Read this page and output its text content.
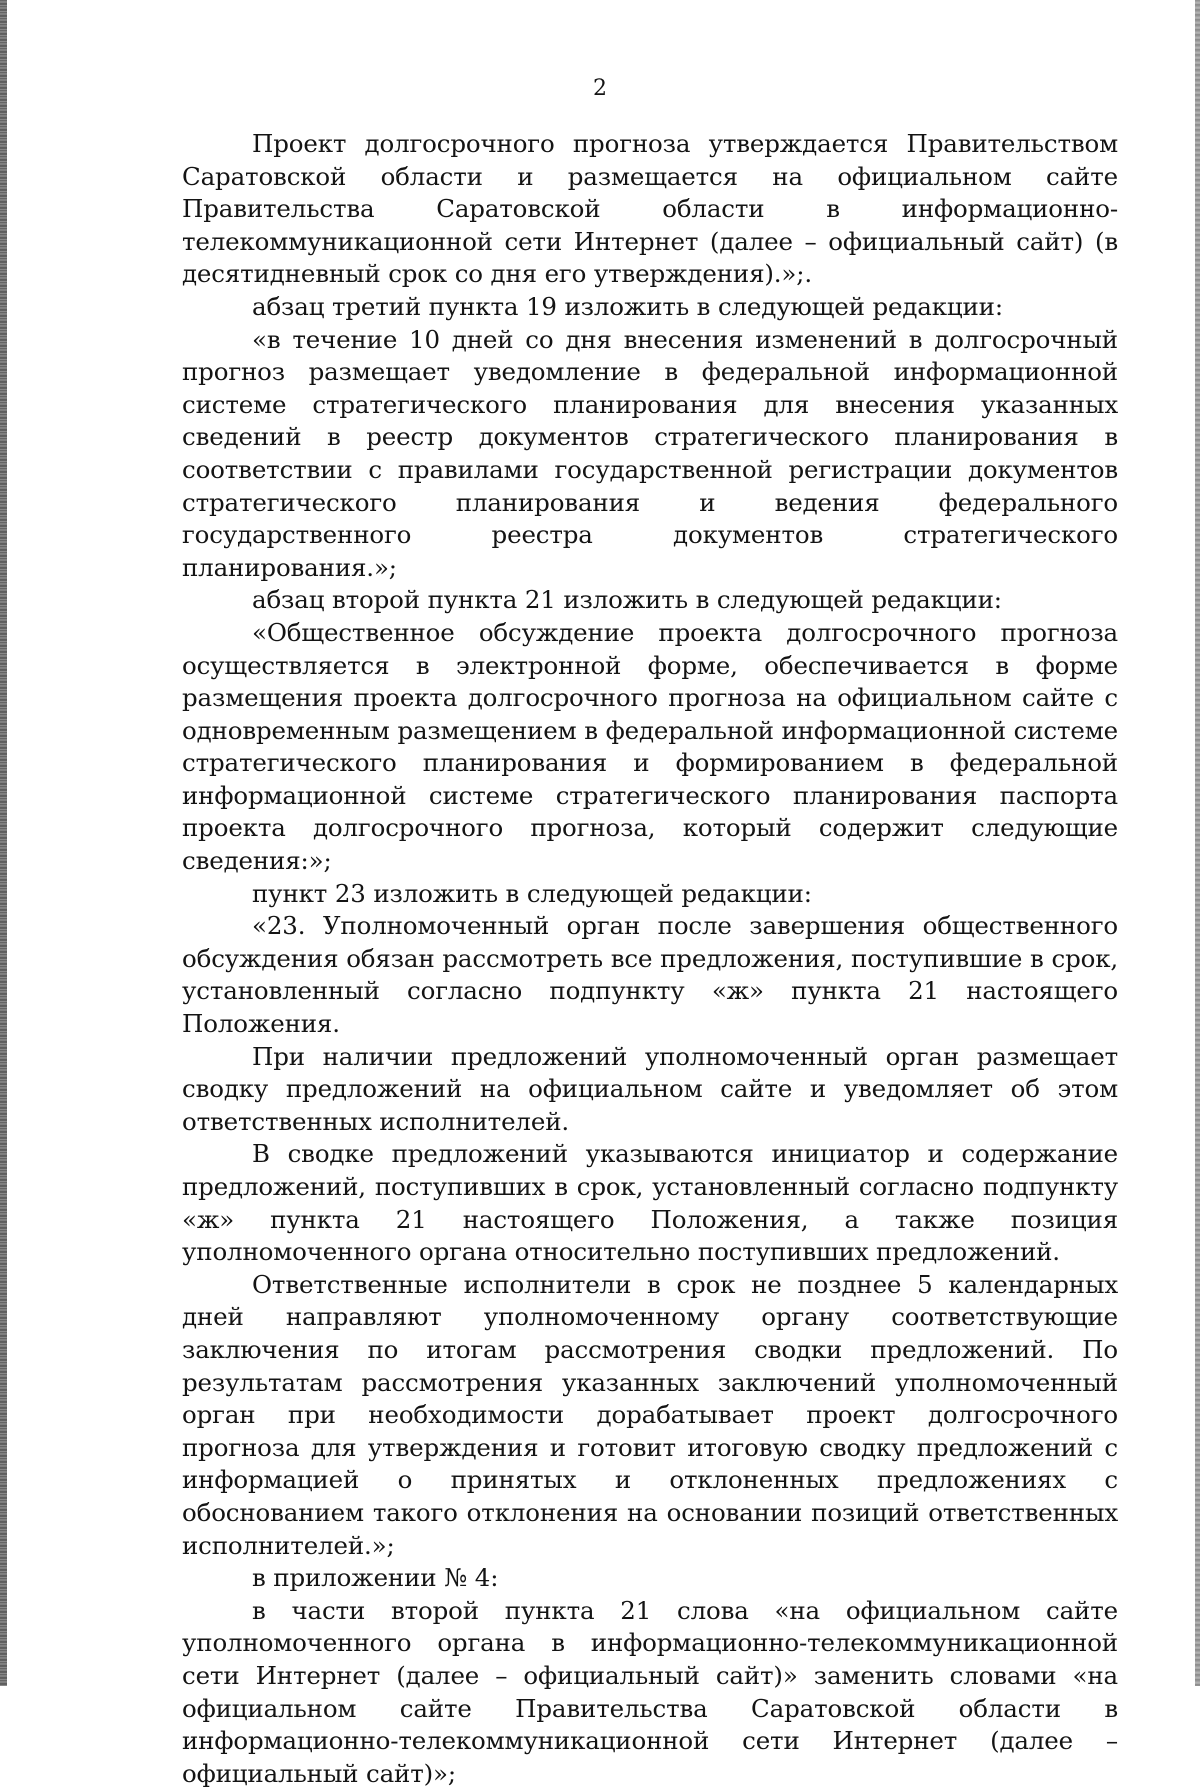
2

Проект долгосрочного прогноза утверждается Правительством Саратовской области и размещается на официальном сайте Правительства Саратовской области в информационно-телекоммуникационной сети Интернет (далее – официальный сайт) (в десятидневный срок со дня его утверждения).»;.

абзац третий пункта 19 изложить в следующей редакции:

«в течение 10 дней со дня внесения изменений в долгосрочный прогноз размещает уведомление в федеральной информационной системе стратегического планирования для внесения указанных сведений в реестр документов стратегического планирования в соответствии с правилами государственной регистрации документов стратегического планирования и ведения федерального государственного реестра документов стратегического планирования.»;

абзац второй пункта 21 изложить в следующей редакции:

«Общественное обсуждение проекта долгосрочного прогноза осуществляется в электронной форме, обеспечивается в форме размещения проекта долгосрочного прогноза на официальном сайте с одновременным размещением в федеральной информационной системе стратегического планирования и формированием в федеральной информационной системе стратегического планирования паспорта проекта долгосрочного прогноза, который содержит следующие сведения:»;

пункт 23 изложить в следующей редакции:

«23. Уполномоченный орган после завершения общественного обсуждения обязан рассмотреть все предложения, поступившие в срок, установленный согласно подпункту «ж» пункта 21 настоящего Положения.

При наличии предложений уполномоченный орган размещает сводку предложений на официальном сайте и уведомляет об этом ответственных исполнителей.

В сводке предложений указываются инициатор и содержание предложений, поступивших в срок, установленный согласно подпункту «ж» пункта 21 настоящего Положения, а также позиция уполномоченного органа относительно поступивших предложений.

Ответственные исполнители в срок не позднее 5 календарных дней направляют уполномоченному органу соответствующие заключения по итогам рассмотрения сводки предложений. По результатам рассмотрения указанных заключений уполномоченный орган при необходимости дорабатывает проект долгосрочного прогноза для утверждения и готовит итоговую сводку предложений с информацией о принятых и отклоненных предложениях с обоснованием такого отклонения на основании позиций ответственных исполнителей.»;

в приложении № 4:

в части второй пункта 21 слова «на официальном сайте уполномоченного органа в информационно-телекоммуникационной сети Интернет (далее – официальный сайт)» заменить словами «на официальном сайте Правительства Саратовской области в информационно-телекоммуникационной сети Интернет (далее – официальный сайт)»;
